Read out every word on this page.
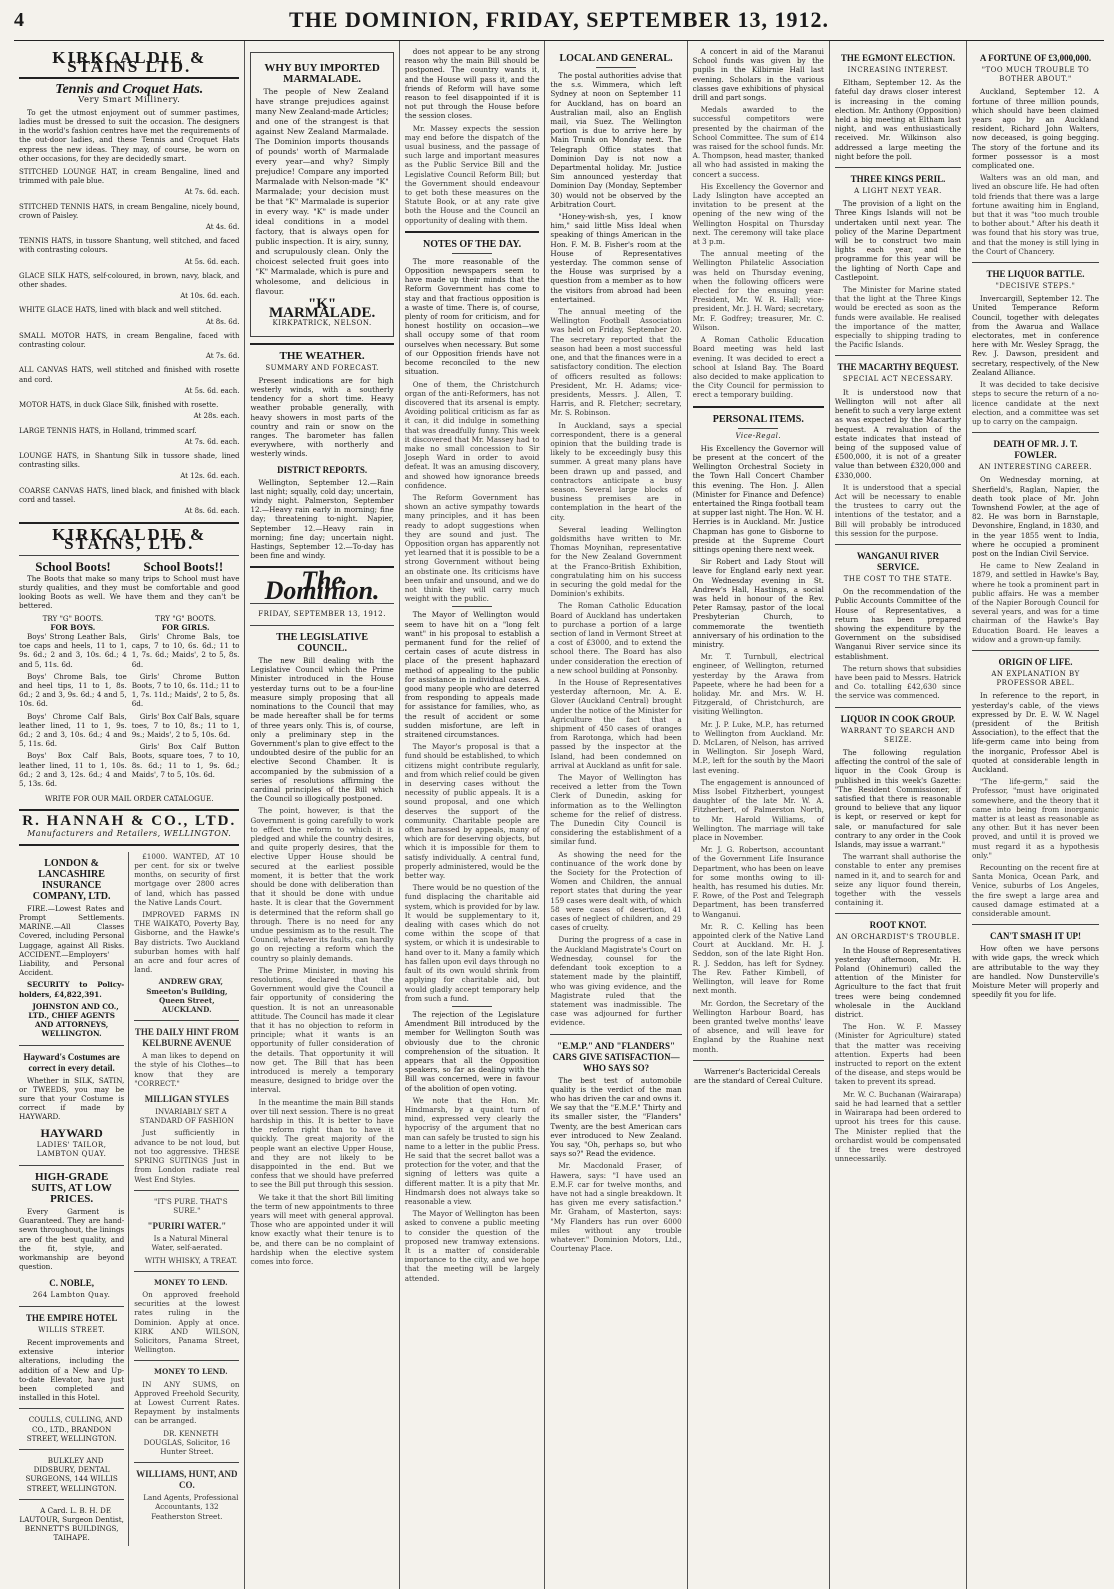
4	THE DOMINION, FRIDAY, SEPTEMBER 13, 1912.
KIRKCALDIE & STAINS LTD.
Tennis and Croquet Hats.
Very Smart Millinery.

To get the utmost enjoyment out of summer pastimes, ladies must be dressed to suit the occasion. The designers in the world's fashion centres have met the requirements of the out-door ladies, and these Tennis and Croquet Hats express the new ideas. They may, of course, be worn on other occasions, for they are decidedly smart.

STITCHED LOUNGE HAT, in cream Bengaline, lined and trimmed with pale blue.
At 7s. 6d. each.
STITCHED TENNIS HATS, in cream Bengaline, nicely bound, crown of Paisley.
At 4s. 6d.
TENNIS HATS, in tussore Shantung, well stitched, and faced with contrasting colours.
At 5s. 6d. each.
GLACE SILK HATS, self-coloured, in brown, navy, black, and other shades.
At 10s. 6d. each.
WHITE GLACE HATS, lined with black and well stitched.
At 8s. 6d.
SMALL MOTOR HATS, in cream Bengaline, faced with contrasting colour.
At 7s. 6d.
ALL CANVAS HATS, well stitched and finished with rosette and cord.
At 5s. 6d. each.
MOTOR HATS, in duck Glace Silk, finished with rosette.
At 28s. each.
LARGE TENNIS HATS, in Holland, trimmed scarf.
At 7s. 6d. each.
LOUNGE HATS, in Shantung Silk in tussore shade, lined contrasting silks.
At 12s. 6d. each.
COARSE CANVAS HATS, lined black, and finished with black cord and tassel.
At 8s. 6d. each.
KIRKCALDIE & STAINS, LTD.
School Boots!	School Boots!!

The Boots that make so many trips to School must have sturdy qualities, and they must be comfortable and good looking Boots as well. We have them and they can't be bettered.

TRY "G" BOOTS.
FOR BOYS.

Boys' Strong Leather Bals, toe caps and heels, 11 to 1, 9s. 6d.; 2 and 3, 10s. 6d.; 4 and 5, 11s. 6d.

Boys' Chrome Bals, toe and heel tips, 11 to 1, 8s. 6d.; 2 and 3, 9s. 6d.; 4 and 5, 10s. 6d.

Boys' Chrome Calf Bals, leather lined, 11 to 1, 9s. 6d.; 2 and 3, 10s. 6d.; 4 and 5, 11s. 6d.

Boys' Box Calf Bals, leather lined, 11 to 1, 10s. 6d.; 2 and 3, 12s. 6d.; 4 and 5, 13s. 6d.

TRY "G" BOOTS.
FOR GIRLS.

Girls' Chrome Bals, toe caps, 7 to 10, 6s. 6d.; 11 to 1, 7s. 6d.; Maids', 2 to 5, 8s. 6d.

Girls' Chrome Button Boots, 7 to 10, 6s. 11d.; 11 to 1, 7s. 11d.; Maids', 2 to 5, 8s. 6d.

Girls' Box Calf Bals, square toes, 7 to 10, 8s.; 11 to 1, 9s.; Maids', 2 to 5, 10s. 6d.

Girls' Box Calf Button Boots, square toes, 7 to 10, 8s. 6d.; 11 to 1, 9s. 6d.; Maids', 7 to 5, 10s. 6d.

WRITE FOR OUR MAIL ORDER CATALOGUE.
R. HANNAH & CO., LTD.
Manufacturers and Retailers, WELLINGTON.
LONDON & LANCASHIRE INSURANCE COMPANY, LTD.

FIRE.—Lowest Rates and Prompt Settlements. MARINE.—All Classes Covered, including Personal Luggage, against All Risks. ACCIDENT.—Employers' Liability, and Personal Accident.

SECURITY to Policy-holders, £4,822,391.

JOHNSTON AND CO., LTD., CHIEF AGENTS AND ATTORNEYS, WELLINGTON.

Hayward's Costumes are correct in every detail.

Whether in SILK, SATIN, or TWEEDS, you may be sure that your Costume is correct if made by HAYWARD.

HAYWARD
LADIES' TAILOR, LAMBTON QUAY.
HIGH-GRADE SUITS, AT LOW PRICES.

Every Garment is Guaranteed. They are hand-sewn throughout, the linings are of the best quality, and the fit, style, and workmanship are beyond question.

C. NOBLE,
264 Lambton Quay.
THE EMPIRE HOTEL
WILLIS STREET.

Recent improvements and extensive interior alterations, including the addition of a New and Up-to-date Elevator, have just been completed and installed in this Hotel.

COULLS, CULLING, AND CO., LTD., BRANDON STREET, WELLINGTON.

BULKLEY AND DIDSBURY, DENTAL SURGEONS, 144 WILLIS STREET, WELLINGTON.

A Card. L. B. H. DE LAUTOUR, Surgeon Dentist, BENNETT'S BUILDINGS, TAIHAPE.

£1000. WANTED, AT 10 per cent. for six or twelve months, on security of first mortgage over 2800 acres of land, which has passed the Native Lands Court.

IMPROVED FARMS IN THE WAIKATO, Poverty Bay, Gisborne, and the Hawke's Bay districts. Two Auckland suburban homes with half an acre and four acres of land.

ANDREW GRAY, Smeeton's Building, Queen Street, AUCKLAND.

THE DAILY HINT FROM KELBURNE AVENUE

A man likes to depend on the style of his Clothes—to know that they are "CORRECT."

MILLIGAN STYLES

INVARIABLY SET A STANDARD OF FASHION

Just sufficiently in advance to be not loud, but not too aggressive. THESE SPRING SUITINGS Just in from London radiate real West End Styles.

"IT'S PURE. THAT'S SURE."

"PURIRI WATER."

Is a Natural Mineral Water, self-aerated.

WITH WHISKY, A TREAT.

MONEY TO LEND.

On approved freehold securities at the lowest rates ruling in the Dominion. Apply at once. KIRK AND WILSON, Solicitors, Panama Street, Wellington.

MONEY TO LEND.

IN ANY SUMS, on Approved Freehold Security, at Lowest Current Rates. Repayment by instalments can be arranged.

DR. KENNETH DOUGLAS, Solicitor, 16 Hunter Street.

WILLIAMS, HUNT, AND CO.

Land Agents, Professional Accountants, 132 Featherston Street.

WHY BUY IMPORTED MARMALADE.

The people of New Zealand have strange prejudices against many New Zealand-made Articles; and one of the strangest is that against New Zealand Marmalade. The Dominion imports thousands of pounds' worth of Marmalade every year—and why? Simply prejudice! Compare any imported Marmalade with Nelson-made "K" Marmalade; your decision must be that "K" Marmalade is superior in every way. "K" is made under ideal conditions in a model factory, that is always open for public inspection. It is airy, sunny, and scrupulously clean. Only the choicest selected fruit goes into "K" Marmalade, which is pure and wholesome, and delicious in flavour.

"K" MARMALADE.
KIRKPATRICK, NELSON.
THE WEATHER.
SUMMARY AND FORECAST.

Present indications are for high westerly winds, with a southerly tendency for a short time. Heavy weather probable generally, with heavy showers in most parts of the country and rain or snow on the ranges. The barometer has fallen everywhere, with northerly and westerly winds.

DISTRICT REPORTS.

Wellington, September 12.—Rain last night; squally, cold day; uncertain, windy night. Palmerston, September 12.—Heavy rain early in morning; fine day; threatening to-night. Napier, September 12.—Heavy rain in morning; fine day; uncertain night. Hastings, September 12.—To-day has been fine and windy.

The Dominion.
FRIDAY, SEPTEMBER 13, 1912.
THE LEGISLATIVE COUNCIL.

The new Bill dealing with the Legislative Council which the Prime Minister introduced in the House yesterday turns out to be a four-line measure simply proposing that all nominations to the Council that may be made hereafter shall be for terms of three years only. This is, of course, only a preliminary step in the Government's plan to give effect to the undoubted desire of the public for an elective Second Chamber. It is accompanied by the submission of a series of resolutions affirming the cardinal principles of the Bill which the Council so illogically postponed.

The point, however, is that the Government is going carefully to work to effect the reform to which it is pledged and while the country desires, and quite properly desires, that the elective Upper House should be secured at the earliest possible moment, it is better that the work should be done with deliberation than that it should be done with undue haste. It is clear that the Government is determined that the reform shall go through. There is no need for any undue pessimism as to the result. The Council, whatever its faults, can hardly go on rejecting a reform which the country so plainly demands.

The Prime Minister, in moving his resolutions, declared that the Government would give the Council a fair opportunity of considering the question. It is not an unreasonable attitude. The Council has made it clear that it has no objection to reform in principle; what it wants is an opportunity of fuller consideration of the details. That opportunity it will now get. The Bill that has been introduced is merely a temporary measure, designed to bridge over the interval.

In the meantime the main Bill stands over till next session. There is no great hardship in this. It is better to have the reform right than to have it quickly. The great majority of the people want an elective Upper House, and they are not likely to be disappointed in the end. But we confess that we should have preferred to see the Bill put through this session.

We take it that the short Bill limiting the term of new appointments to three years will meet with general approval. Those who are appointed under it will know exactly what their tenure is to be, and there can be no complaint of hardship when the elective system comes into force.

does not appear to be any strong reason why the main Bill should be postponed. The country wants it, and the House will pass it, and the friends of Reform will have some reason to feel disappointed if it is not put through the House before the session closes.

Mr. Massey expects the session may end before the dispatch of the usual business, and the passage of such large and important measures as the Public Service Bill and the Legislative Council Reform Bill; but the Government should endeavour to get both these measures on the Statute Book, or at any rate give both the House and the Council an opportunity of dealing with them.

NOTES OF THE DAY.

The more reasonable of the Opposition newspapers seem to have made up their minds that the Reform Government has come to stay and that fractious opposition is a waste of time. There is, of course, plenty of room for criticism, and for honest hostility on occasion—we shall occupy some of that room ourselves when necessary. But some of our Opposition friends have not become reconciled to the new situation.

One of them, the Christchurch organ of the anti-Reformers, has not discovered that its arsenal is empty. Avoiding political criticism as far as it can, it did indulge in something that was dreadfully funny. This week it discovered that Mr. Massey had to make no small concession to Sir Joseph Ward in order to avoid defeat. It was an amusing discovery, and showed how ignorance breeds confidence.

The Reform Government has shown an active sympathy towards many principles, and it has been ready to adopt suggestions when they are sound and just. The Opposition organ has apparently not yet learned that it is possible to be a strong Government without being an obstinate one. Its criticisms have been unfair and unsound, and we do not think they will carry much weight with the public.

The Mayor of Wellington would seem to have hit on a "long felt want" in his proposal to establish a permanent fund for the relief of certain cases of acute distress in place of the present haphazard method of appealing to the public for assistance in individual cases. A good many people who are deterred from responding to appeals made for assistance for families, who, as the result of accident or some sudden misfortune, are left in straitened circumstances.

The Mayor's proposal is that a fund should be established, to which citizens might contribute regularly, and from which relief could be given in deserving cases without the necessity of public appeals. It is a sound proposal, and one which deserves the support of the community. Charitable people are often harassed by appeals, many of which are for deserving objects, but which it is impossible for them to satisfy individually. A central fund, properly administered, would be the better way.

There would be no question of the fund displacing the charitable aid system, which is provided for by law. It would be supplementary to it, dealing with cases which do not come within the scope of that system, or which it is undesirable to hand over to it. Many a family which has fallen upon evil days through no fault of its own would shrink from applying for charitable aid, but would gladly accept temporary help from such a fund.

The rejection of the Legislature Amendment Bill introduced by the member for Wellington South was obviously due to the chronic comprehension of the situation. It appears that all the Opposition speakers, so far as dealing with the Bill was concerned, were in favour of the abolition of open voting.

We note that the Hon. Mr. Hindmarsh, by a quaint turn of mind, expressed very clearly the hypocrisy of the argument that no man can safely be trusted to sign his name to a letter in the public Press. He said that the secret ballot was a protection for the voter, and that the signing of letters was quite a different matter. It is a pity that Mr. Hindmarsh does not always take so reasonable a view.

The Mayor of Wellington has been asked to convene a public meeting to consider the question of the proposed new tramway extensions. It is a matter of considerable importance to the city, and we hope that the meeting will be largely attended.

LOCAL AND GENERAL.

The postal authorities advise that the s.s. Wimmera, which left Sydney at noon on September 11 for Auckland, has on board an Australian mail, also an English mail, via Suez. The Wellington portion is due to arrive here by Main Trunk on Monday next. The Telegraph Office states that Dominion Day is not now a Departmental holiday. Mr. Justice Sim announced yesterday that Dominion Day (Monday, September 30) would not be observed by the Arbitration Court.

"Honey-wish-sh, yes, I know him," said little Miss Ideal when speaking of things American in the Hon. F. M. B. Fisher's room at the House of Representatives yesterday. The common sense of the House was surprised by a question from a member as to how the visitors from abroad had been entertained.

The annual meeting of the Wellington Football Association was held on Friday, September 20. The secretary reported that the season had been a most successful one, and that the finances were in a satisfactory condition. The election of officers resulted as follows: President, Mr. H. Adams; vice-presidents, Messrs. J. Allen, T. Harris, and R. Fletcher; secretary, Mr. S. Robinson.

In Auckland, says a special correspondent, there is a general opinion that the building trade is likely to be exceedingly busy this summer. A great many plans have been drawn up and passed, and contractors anticipate a busy season. Several large blocks of business premises are in contemplation in the heart of the city.

Several leading Wellington goldsmiths have written to Mr. Thomas Moynihan, representative for the New Zealand Government at the Franco-British Exhibition, congratulating him on his success in securing the gold medal for the Dominion's exhibits.

The Roman Catholic Education Board of Auckland has undertaken to purchase a portion of a large section of land in Vermont Street at a cost of £3000, and to extend the school there. The Board has also under consideration the erection of a new school building at Ponsonby.

In the House of Representatives yesterday afternoon, Mr. A. E. Glover (Auckland Central) brought under the notice of the Minister for Agriculture the fact that a shipment of 450 cases of oranges from Rarotonga, which had been passed by the inspector at the Island, had been condemned on arrival at Auckland as unfit for sale.

The Mayor of Wellington has received a letter from the Town Clerk of Dunedin, asking for information as to the Wellington scheme for the relief of distress. The Dunedin City Council is considering the establishment of a similar fund.

As showing the need for the continuance of the work done by the Society for the Protection of Women and Children, the annual report states that during the year 159 cases were dealt with, of which 58 were cases of desertion, 41 cases of neglect of children, and 29 cases of cruelty.

During the progress of a case in the Auckland Magistrate's Court on Wednesday, counsel for the defendant took exception to a statement made by the plaintiff, who was giving evidence, and the Magistrate ruled that the statement was inadmissible. The case was adjourned for further evidence.

"E.M.P." AND "FLANDERS" CARS GIVE SATISFACTION—WHO SAYS SO?

The best test of automobile quality is the verdict of the man who has driven the car and owns it. We say that the "E.M.F." Thirty and its smaller sister, the "Flanders" Twenty, are the best American cars ever introduced to New Zealand. You say, "Oh, perhaps so, but who says so?" Read the evidence.

Mr. Macdonald Fraser, of Hawera, says: "I have used an E.M.F. car for twelve months, and have not had a single breakdown. It has given me every satisfaction." Mr. Graham, of Masterton, says: "My Flanders has run over 6000 miles without any trouble whatever." Dominion Motors, Ltd., Courtenay Place.

A concert in aid of the Maranui School funds was given by the pupils in the Kilbirnie Hall last evening. Scholars in the various classes gave exhibitions of physical drill and part songs.

Medals awarded to the successful competitors were presented by the chairman of the School Committee. The sum of £14 was raised for the school funds. Mr. A. Thompson, head master, thanked all who had assisted in making the concert a success.

His Excellency the Governor and Lady Islington have accepted an invitation to be present at the opening of the new wing of the Wellington Hospital on Thursday next. The ceremony will take place at 3 p.m.

The annual meeting of the Wellington Philatelic Association was held on Thursday evening, when the following officers were elected for the ensuing year: President, Mr. W. R. Hall; vice-president, Mr. J. H. Ward; secretary, Mr. F. Godfrey; treasurer, Mr. C. Wilson.

A Roman Catholic Education Board meeting was held last evening. It was decided to erect a school at Island Bay. The Board also decided to make application to the City Council for permission to erect a temporary building.

PERSONAL ITEMS.
Vice-Regal.

His Excellency the Governor will be present at the concert of the Wellington Orchestral Society in the Town Hall Concert Chamber this evening. The Hon. J. Allen (Minister for Finance and Defence) entertained the Ringa football team at supper last night. The Hon. W. H. Herries is in Auckland. Mr. Justice Chapman has gone to Gisborne to preside at the Supreme Court sittings opening there next week.

Sir Robert and Lady Stout will leave for England early next year. On Wednesday evening in St. Andrew's Hall, Hastings, a social was held in honour of the Rev. Peter Ramsay, pastor of the local Presbyterian Church, to commemorate the twentieth anniversary of his ordination to the ministry.

Mr. T. Turnbull, electrical engineer, of Wellington, returned yesterday by the Arawa from Papeete, where he had been for a holiday. Mr. and Mrs. W. H. Fitzgerald, of Christchurch, are visiting Wellington.

Mr. J. P. Luke, M.P., has returned to Wellington from Auckland. Mr. D. McLaren, of Nelson, has arrived in Wellington. Sir Joseph Ward, M.P., left for the south by the Maori last evening.

The engagement is announced of Miss Isobel Fitzherbert, youngest daughter of the late Mr. W. A. Fitzherbert, of Palmerston North, to Mr. Harold Williams, of Wellington. The marriage will take place in November.

Mr. J. G. Robertson, accountant of the Government Life Insurance Department, who has been on leave for some months owing to ill-health, has resumed his duties. Mr. F. Rowe, of the Post and Telegraph Department, has been transferred to Wanganui.

Mr. R. C. Kelling has been appointed clerk of the Native Land Court at Auckland. Mr. H. J. Seddon, son of the late Right Hon. R. J. Seddon, has left for Sydney. The Rev. Father Kimbell, of Wellington, will leave for Rome next month.

Mr. Gordon, the Secretary of the Wellington Harbour Board, has been granted twelve months' leave of absence, and will leave for England by the Ruahine next month.

Warrener's Bactericidal Cereals are the standard of Cereal Culture.

THE EGMONT ELECTION.
INCREASING INTEREST.

Eltham, September 12. As the fateful day draws closer interest is increasing in the coming election. Mr. Anthony (Opposition) held a big meeting at Eltham last night, and was enthusiastically received. Mr. Wilkinson also addressed a large meeting the night before the poll.

THREE KINGS PERIL.
A LIGHT NEXT YEAR.

The provision of a light on the Three Kings Islands will not be undertaken until next year. The policy of the Marine Department will be to construct two main lights each year, and the programme for this year will be the lighting of North Cape and Castlepoint.

The Minister for Marine stated that the light at the Three Kings would be erected as soon as the funds were available. He realised the importance of the matter, especially to shipping trading to the Pacific Islands.

THE MACARTHY BEQUEST.
SPECIAL ACT NECESSARY.

It is understood now that Wellington will not after all benefit to such a very large extent as was expected by the Macarthy bequest. A revaluation of the estate indicates that instead of being of the supposed value of £500,000, it is not of a greater value than between £320,000 and £330,000.

It is understood that a special Act will be necessary to enable the trustees to carry out the intentions of the testator, and a Bill will probably be introduced this session for the purpose.

WANGANUI RIVER SERVICE.
THE COST TO THE STATE.

On the recommendation of the Public Accounts Committee of the House of Representatives, a return has been prepared showing the expenditure by the Government on the subsidised Wanganui River service since its establishment.

The return shows that subsidies have been paid to Messrs. Hatrick and Co. totalling £42,630 since the service was commenced.

LIQUOR IN COOK GROUP.
WARRANT TO SEARCH AND SEIZE.

The following regulation affecting the control of the sale of liquor in the Cook Group is published in this week's Gazette: "The Resident Commissioner, if satisfied that there is reasonable ground to believe that any liquor is kept, or reserved or kept for sale, or manufactured for sale contrary to any order in the Cook Islands, may issue a warrant."

The warrant shall authorise the constable to enter any premises named in it, and to search for and seize any liquor found therein, together with the vessels containing it.

ROOT KNOT.
AN ORCHARDIST'S TROUBLE.

In the House of Representatives yesterday afternoon, Mr. H. Poland (Ohinemuri) called the attention of the Minister for Agriculture to the fact that fruit trees were being condemned wholesale in the Auckland district.

The Hon. W. F. Massey (Minister for Agriculture) stated that the matter was receiving attention. Experts had been instructed to report on the extent of the disease, and steps would be taken to prevent its spread.

Mr. W. C. Buchanan (Wairarapa) said he had learned that a settler in Wairarapa had been ordered to uproot his trees for this cause. The Minister replied that the orchardist would be compensated if the trees were destroyed unnecessarily.

A FORTUNE OF £3,000,000.
"TOO MUCH TROUBLE TO BOTHER ABOUT."

Auckland, September 12. A fortune of three million pounds, which should have been claimed years ago by an Auckland resident, Richard John Walters, now deceased, is going begging. The story of the fortune and its former possessor is a most complicated one.

Walters was an old man, and lived an obscure life. He had often told friends that there was a large fortune awaiting him in England, but that it was "too much trouble to bother about." After his death it was found that his story was true, and that the money is still lying in the Court of Chancery.

THE LIQUOR BATTLE.
"DECISIVE STEPS."

Invercargill, September 12. The United Temperance Reform Council, together with delegates from the Awarua and Wallace electorates, met in conference here with Mr. Wesley Spragg, the Rev. J. Dawson, president and secretary, respectively, of the New Zealand Alliance.

It was decided to take decisive steps to secure the return of a no-licence candidate at the next election, and a committee was set up to carry on the campaign.

DEATH OF MR. J. T. FOWLER.
AN INTERESTING CAREER.

On Wednesday morning, at Sherfield's, Raglan, Napier, the death took place of Mr. John Townshend Fowler, at the age of 82. He was born in Barnstaple, Devonshire, England, in 1830, and in the year 1855 went to India, where he occupied a prominent post on the Indian Civil Service.

He came to New Zealand in 1879, and settled in Hawke's Bay, where he took a prominent part in public affairs. He was a member of the Napier Borough Council for several years, and was for a time chairman of the Hawke's Bay Education Board. He leaves a widow and a grown-up family.

ORIGIN OF LIFE.
AN EXPLANATION BY PROFESSOR ABEL.

In reference to the report, in yesterday's cable, of the views expressed by Dr. E. W. W. Nagel (president of the British Association), to the effect that the life-germ came into being from the inorganic, Professor Abel is quoted at considerable length in Auckland.

"The life-germ," said the Professor, "must have originated somewhere, and the theory that it came into being from inorganic matter is at least as reasonable as any other. But it has never been proved, and until it is proved we must regard it as a hypothesis only."

Recounting on the recent fire at Santa Monica, Ocean Park, and Venice, suburbs of Los Angeles, the fire swept a large area and caused damage estimated at a considerable amount.

CAN'T SMASH IT UP!

How often we have persons with wide gaps, the wreck which are attributable to the way they are handled. Now Dunsterville's Moisture Meter will properly and speedily fit you for life.
